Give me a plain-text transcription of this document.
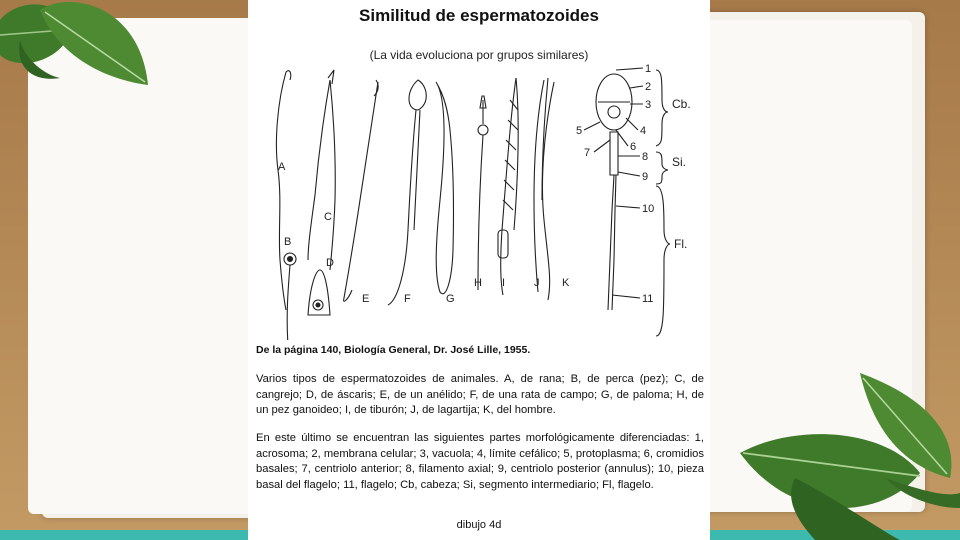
Similitud de espermatozoides
(La vida evoluciona por grupos similares)
A
B
C
D
E	F	G
H I	J K
1
2
3
4
5
6
7	8
9
10
11
Cb.
Si.
Fl.
De la página 140, Biología General, Dr. José Lille, 1955.
Varios tipos de espermatozoides de animales. A, de rana; B, de perca (pez); C, de cangrejo; D, de áscaris; E, de un anélido; F, de una rata de campo; G, de paloma; H, de un pez ganoideo; I, de tiburón; J, de lagartija; K, del hombre.
En este último se encuentran las siguientes partes morfológicamente diferenciadas: 1, acrosoma; 2, membrana celular; 3, vacuola; 4, límite cefálico; 5, protoplasma; 6, cromidios basales; 7, centriolo anterior; 8, filamento axial; 9, centriolo posterior (annulus); 10, pieza basal del flagelo; 11, flagelo; Cb, cabeza; Si, segmento intermediario; Fl, flagelo.
dibujo 4d
